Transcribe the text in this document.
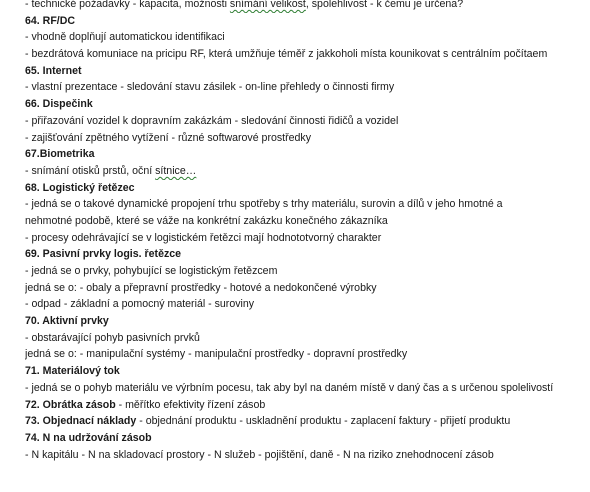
- technické požadavky - kapacita, možnosti snímání velikost, spolehlivost - k čemu je určena?
64. RF/DC
- vhodně doplňují automatickou identifikaci
- bezdrátová komuniace na pricipu RF, která umžňuje téměř z jakkoholi místa kounikovat s centrálním počítaem
65. Internet
- vlastní prezentace - sledování stavu zásilek - on-line přehledy o činnosti firmy
66. Dispečink
- přiřazování vozidel k dopravním zakázkám - sledování činnosti řidičů a vozidel
- zajišťování zpětného vytížení - různé softwarové prostředky
67.Biometrika
- snímání otisků prstů, oční sítnice…
68. Logistický řetězec
- jedná se o takové dynamické propojení trhu spotřeby s trhy materiálu, surovin a dílů v jeho hmotné a
nehmotné podobě, které se váže na konkrétní zakázku konečného zákazníka
- procesy odehrávající se v logistickém řetězci mají hodnototvorný charakter
69. Pasivní prvky logis. řetězce
- jedná se o prvky, pohybující se logistickým řetězcem
jedná se o: - obaly a přepravní prostředky - hotové a nedokončené výrobky
- odpad - základní a pomocný materiál - suroviny
70. Aktivní prvky
- obstarávající pohyb pasivních prvků
jedná se o: - manipulační systémy - manipulační prostředky - dopravní prostředky
71. Materiálový tok
- jedná se o pohyb materiálu ve výrbním pocesu, tak aby byl na daném místě v daný čas a s určenou spolelivostí
72. Obrátka zásob - měřítko efektivity řízení zásob
73. Objednací náklady - objednání produktu - uskladnění produktu - zaplacení faktury - přijetí produktu
74. N na udržování zásob
- N kapitálu - N na skladovací prostory - N služeb - pojištění, daně - N na riziko znehodnocení zásob
